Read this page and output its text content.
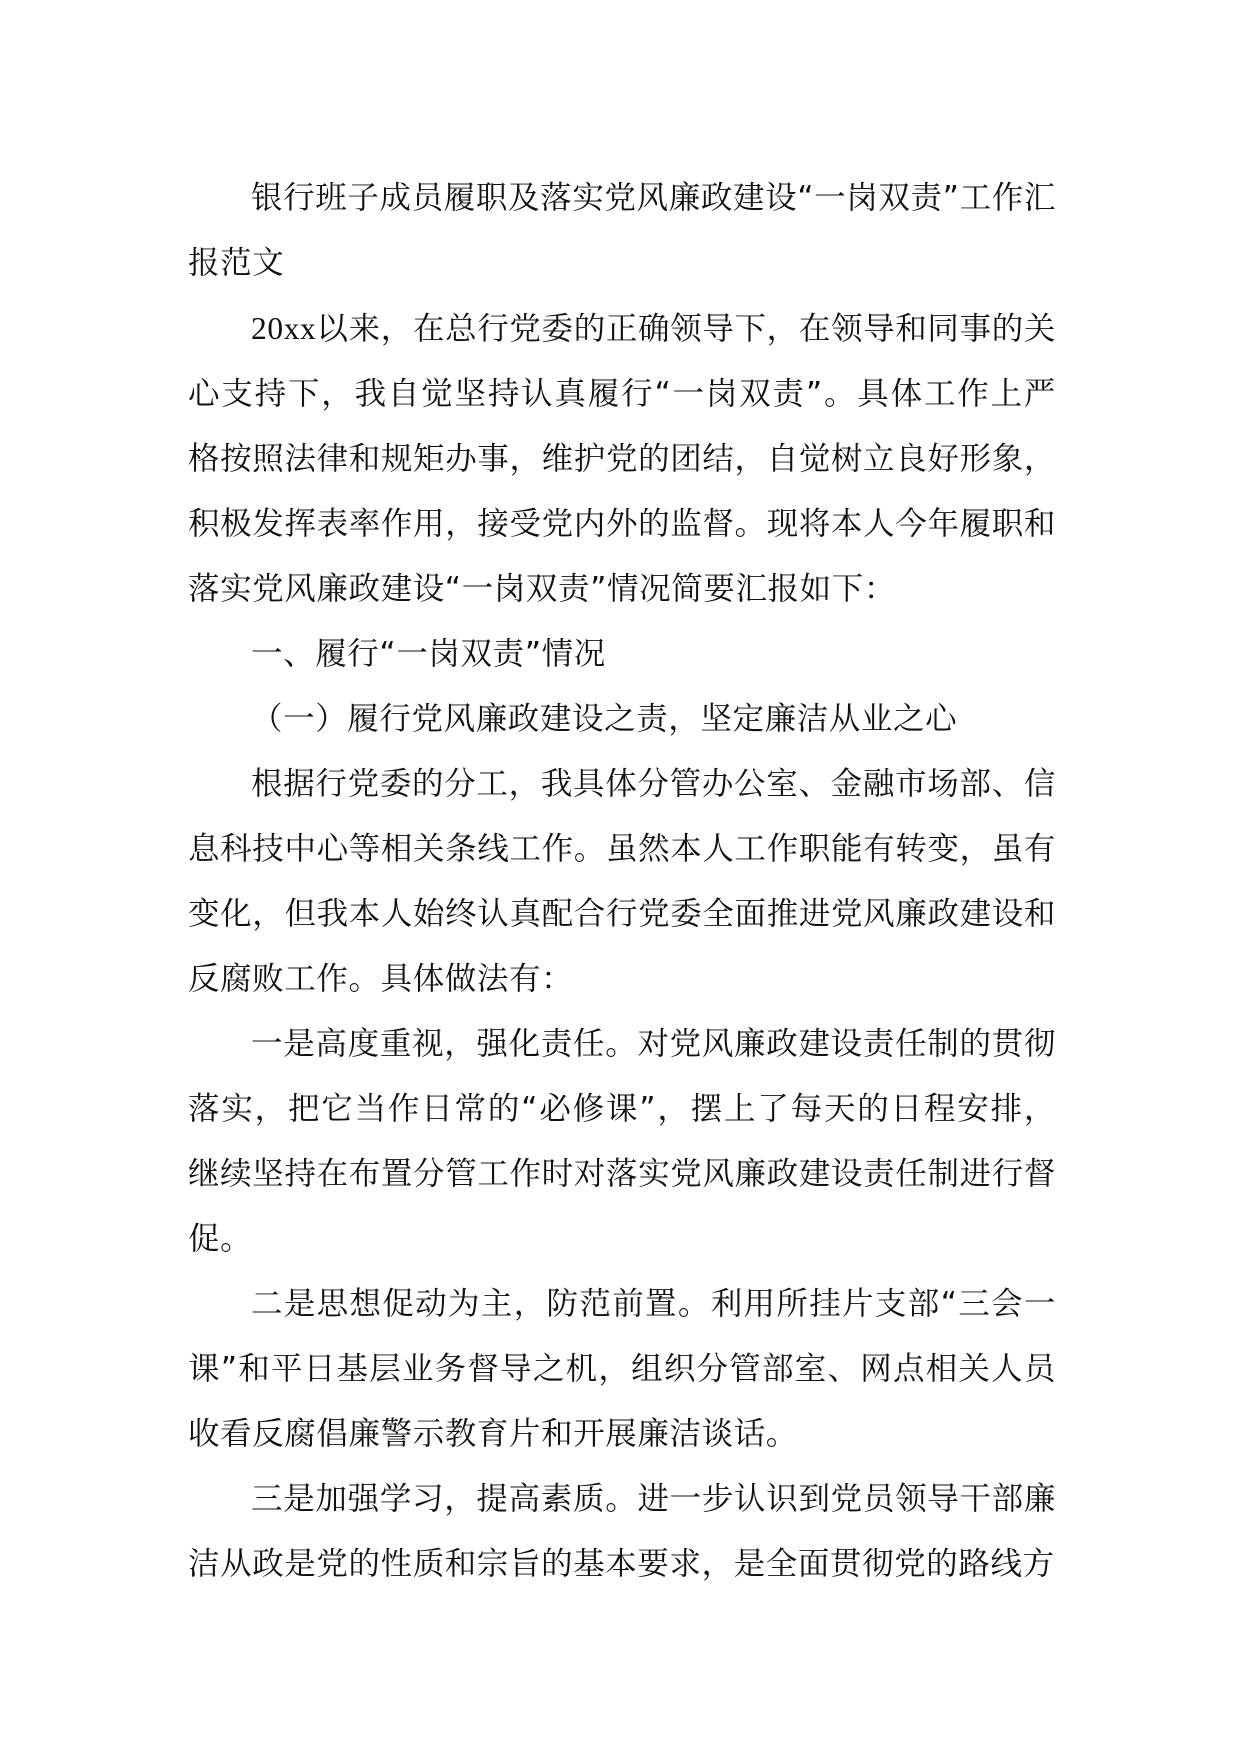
银行班子成员履职及落实党风廉政建设“一岗双责”工作汇报范文

20xx以来，在总行党委的正确领导下，在领导和同事的关心支持下，我自觉坚持认真履行“一岗双责”。具体工作上严格按照法律和规矩办事，维护党的团结，自觉树立良好形象，积极发挥表率作用，接受党内外的监督。现将本人今年履职和落实党风廉政建设“一岗双责”情况简要汇报如下：

一、履行“一岗双责”情况

（一）履行党风廉政建设之责，坚定廉洁从业之心

根据行党委的分工，我具体分管办公室、金融市场部、信息科技中心等相关条线工作。虽然本人工作职能有转变，虽有变化，但我本人始终认真配合行党委全面推进党风廉政建设和反腐败工作。具体做法有：

一是高度重视，强化责任。对党风廉政建设责任制的贯彻落实，把它当作日常的“必修课”，摆上了每天的日程安排，继续坚持在布置分管工作时对落实党风廉政建设责任制进行督促。

二是思想促动为主，防范前置。利用所挂片支部“三会一课”和平日基层业务督导之机，组织分管部室、网点相关人员收看反腐倡廉警示教育片和开展廉洁谈话。

三是加强学习，提高素质。进一步认识到党员领导干部廉洁从政是党的性质和宗旨的基本要求，是全面贯彻党的路线方
